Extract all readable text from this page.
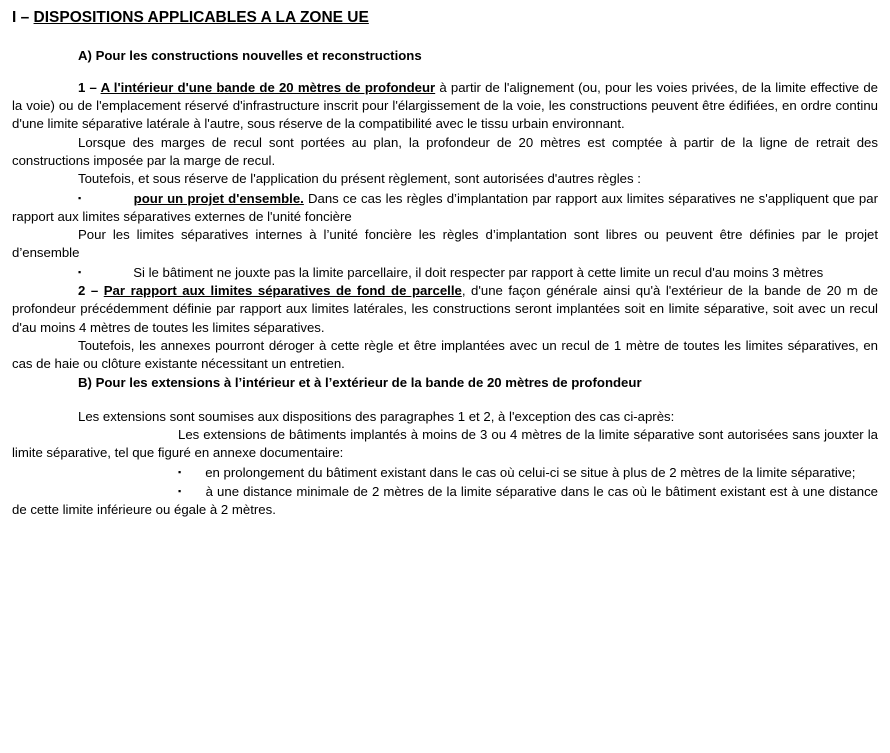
I – DISPOSITIONS APPLICABLES A LA ZONE UE

A) Pour les constructions nouvelles et reconstructions

1 – A l'intérieur d'une bande de 20 mètres de profondeur à partir de l'alignement (ou, pour les voies privées, de la limite effective de la voie) ou de l'emplacement réservé d'infrastructure inscrit pour l'élargissement de la voie, les constructions peuvent être édifiées, en ordre continu d'une limite séparative latérale à l'autre, sous réserve de la compatibilité avec le tissu urbain environnant.

Lorsque des marges de recul sont portées au plan, la profondeur de 20 mètres est comptée à partir de la ligne de retrait des constructions imposée par la marge de recul.

Toutefois, et sous réserve de l'application du présent règlement, sont autorisées d'autres règles :

▪	pour un projet d'ensemble. Dans ce cas les règles d’implantation par rapport aux limites séparatives ne s'appliquent que par rapport aux limites séparatives externes de l'unité foncière

Pour les limites séparatives internes à l’unité foncière les règles d’implantation sont libres ou peuvent être définies par le projet d’ensemble

▪	Si le bâtiment ne jouxte pas la limite parcellaire, il doit respecter par rapport à cette limite un recul d'au moins 3 mètres

2 – Par rapport aux limites séparatives de fond de parcelle, d'une façon générale ainsi qu'à l'extérieur de la bande de 20 m de profondeur précédemment définie par rapport aux limites latérales, les constructions seront implantées soit en limite séparative, soit avec un recul d'au moins 4 mètres de toutes les limites séparatives.

Toutefois, les annexes pourront déroger à cette règle et être implantées avec un recul de 1 mètre de toutes les limites séparatives, en cas de haie ou clôture existante nécessitant un entretien.

B) Pour les extensions à l’intérieur et à l’extérieur de la bande de 20 mètres de profondeur

Les extensions sont soumises aux dispositions des paragraphes 1 et 2, à l'exception des cas ci-après:

Les extensions de bâtiments implantés à moins de 3 ou 4 mètres de la limite séparative sont autorisées sans jouxter la limite séparative, tel que figuré en annexe documentaire:

▪ en prolongement du bâtiment existant dans le cas où celui-ci se situe à plus de 2 mètres de la limite séparative;

▪ à une distance minimale de 2 mètres de la limite séparative dans le cas où le bâtiment existant est à une distance de cette limite inférieure ou égale à 2 mètres.
